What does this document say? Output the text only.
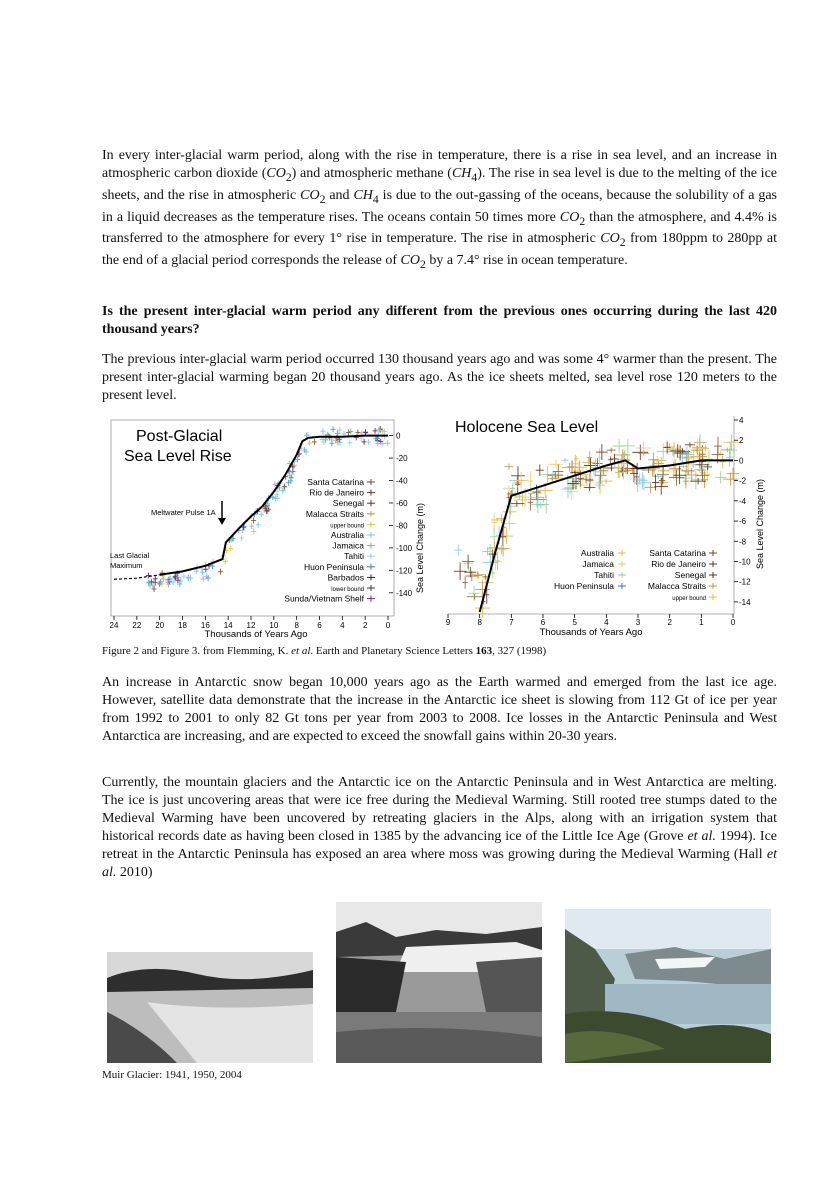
In every inter-glacial warm period, along with the rise in temperature, there is a rise in sea level, and an increase in atmospheric carbon dioxide $(CO_2)$ and atmospheric methane $(CH_4)$. The rise in sea level is due to the melting of the ice sheets, and the rise in atmospheric $CO_2$ and $CH_4$ is due to the out-gassing of the oceans, because the solubility of a gas in a liquid decreases as the temperature rises. The oceans contain 50 times more $CO_2$ than the atmosphere, and 4.4% is transferred to the atmosphere for every 1° rise in temperature. The rise in atmospheric $CO_2$ from 180ppm to 280pp at the end of a glacial period corresponds the release of $CO_2$ by a 7.4° rise in ocean temperature.
Is the present inter-glacial warm period any different from the previous ones occurring during the last 420 thousand years?
The previous inter-glacial warm period occurred 130 thousand years ago and was some 4° warmer than the present. The present inter-glacial warming began 20 thousand years ago. As the ice sheets melted, sea level rose 120 meters to the present level.
Post-Glacial
Sea Level Rise
Meltwater Pulse 1A
Last Glacial
Maximum
0
-20
-40
-60
-80
-100
-120
-140
24 22 20 18 16 14 12 10 8 6 4 2 0
Santa Catarina
Rio de Janeiro
Senegal
Malacca Straits
upper bound
Australia
Jamaica
Tahiti
Huon Peninsula
Barbados
lower bound
Sunda/Vietnam Shelf
Thousands of Years Ago
Sea Level Change (m)
Holocene Sea Level	4
2
0
-2
-4
-6
-8
-10
-12
-14
9	8	7	6	5	4	3	2	1	0
Australia
Jamaica
Tahiti
Huon Peninsula
Santa Catarina
Rio de Janeiro
Senegal
Malacca Straits
upper bound
Thousands of Years Ago
Sea Level Change (m)
Figure 2 and Figure 3. from Flemming, K. et al. Earth and Planetary Science Letters 163, 327 (1998)
An increase in Antarctic snow began 10,000 years ago as the Earth warmed and emerged from the last ice age. However, satellite data demonstrate that the increase in the Antarctic ice sheet is slowing from 112 Gt of ice per year from 1992 to 2001 to only 82 Gt tons per year from 2003 to 2008. Ice losses in the Antarctic Peninsula and West Antarctica are increasing, and are expected to exceed the snowfall gains within 20-30 years.
Currently, the mountain glaciers and the Antarctic ice on the Antarctic Peninsula and in West Antarctica are melting. The ice is just uncovering areas that were ice free during the Medieval Warming. Still rooted tree stumps dated to the Medieval Warming have been uncovered by retreating glaciers in the Alps, along with an irrigation system that historical records date as having been closed in 1385 by the advancing ice of the Little Ice Age (Grove et al. 1994). Ice retreat in the Antarctic Peninsula has exposed an area where moss was growing during the Medieval Warming (Hall et al. 2010)
Muir Glacier: 1941, 1950, 2004
